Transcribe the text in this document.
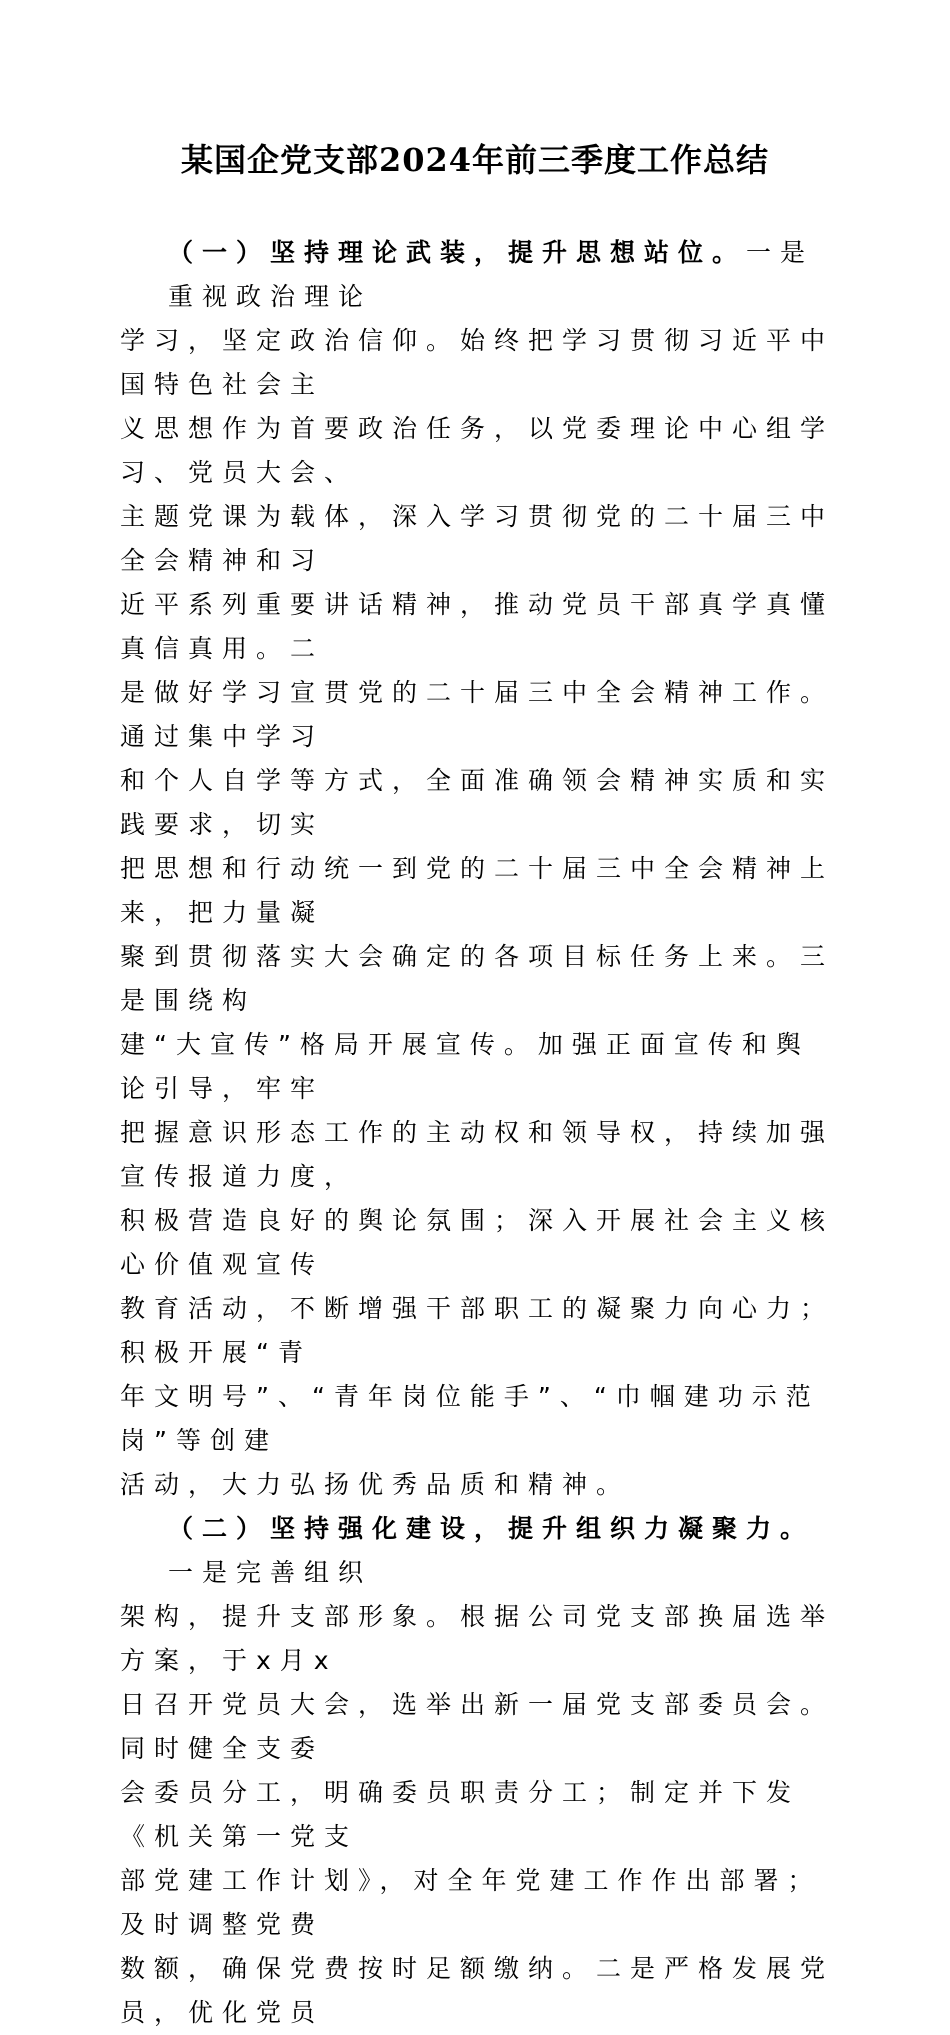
某国企党支部2024年前三季度工作总结
（一）坚持理论武装，提升思想站位。一是重视政治理论
学习，坚定政治信仰。始终把学习贯彻习近平中国特色社会主
义思想作为首要政治任务，以党委理论中心组学习、党员大会、
主题党课为载体，深入学习贯彻党的二十届三中全会精神和习
近平系列重要讲话精神，推动党员干部真学真懂真信真用。二
是做好学习宣贯党的二十届三中全会精神工作。通过集中学习
和个人自学等方式，全面准确领会精神实质和实践要求，切实
把思想和行动统一到党的二十届三中全会精神上来，把力量凝
聚到贯彻落实大会确定的各项目标任务上来。三是围绕构
建“大宣传”格局开展宣传。加强正面宣传和舆论引导，牢牢
把握意识形态工作的主动权和领导权，持续加强宣传报道力度，
积极营造良好的舆论氛围；深入开展社会主义核心价值观宣传
教育活动，不断增强干部职工的凝聚力向心力；积极开展“青
年文明号”、“青年岗位能手”、“巾帼建功示范岗”等创建
活动，大力弘扬优秀品质和精神。
（二）坚持强化建设，提升组织力凝聚力。一是完善组织
架构，提升支部形象。根据公司党支部换届选举方案，于x月x
日召开党员大会，选举出新一届党支部委员会。同时健全支委
会委员分工，明确委员职责分工；制定并下发《机关第一党支
部党建工作计划》，对全年党建工作作出部署；及时调整党费
数额，确保党费按时足额缴纳。二是严格发展党员，优化党员
